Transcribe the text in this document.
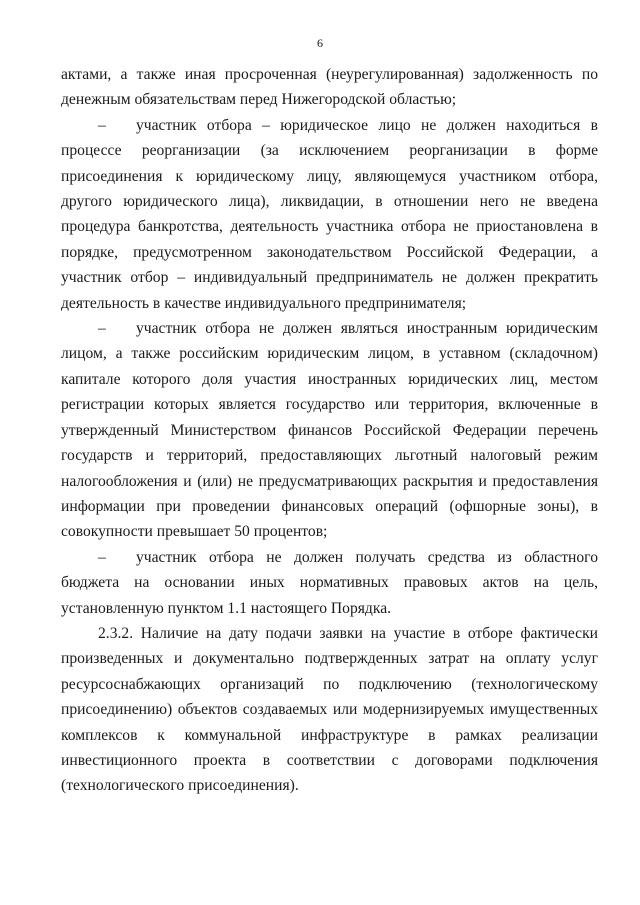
6

актами, а также иная просроченная (неурегулированная) задолженность по денежным обязательствам перед Нижегородской областью;

– участник отбора – юридическое лицо не должен находиться в процессе реорганизации (за исключением реорганизации в форме присоединения к юридическому лицу, являющемуся участником отбора, другого юридического лица), ликвидации, в отношении него не введена процедура банкротства, деятельность участника отбора не приостановлена в порядке, предусмотренном законодательством Российской Федерации, а участник отбор – индивидуальный предприниматель не должен прекратить деятельность в качестве индивидуального предпринимателя;

– участник отбора не должен являться иностранным юридическим лицом, а также российским юридическим лицом, в уставном (складочном) капитале которого доля участия иностранных юридических лиц, местом регистрации которых является государство или территория, включенные в утвержденный Министерством финансов Российской Федерации перечень государств и территорий, предоставляющих льготный налоговый режим налогообложения и (или) не предусматривающих раскрытия и предоставления информации при проведении финансовых операций (офшорные зоны), в совокупности превышает 50 процентов;

– участник отбора не должен получать средства из областного бюджета на основании иных нормативных правовых актов на цель, установленную пунктом 1.1 настоящего Порядка.

2.3.2. Наличие на дату подачи заявки на участие в отборе фактически произведенных и документально подтвержденных затрат на оплату услуг ресурсоснабжающих организаций по подключению (технологическому присоединению) объектов создаваемых или модернизируемых имущественных комплексов к коммунальной инфраструктуре в рамках реализации инвестиционного проекта в соответствии с договорами подключения (технологического присоединения).
